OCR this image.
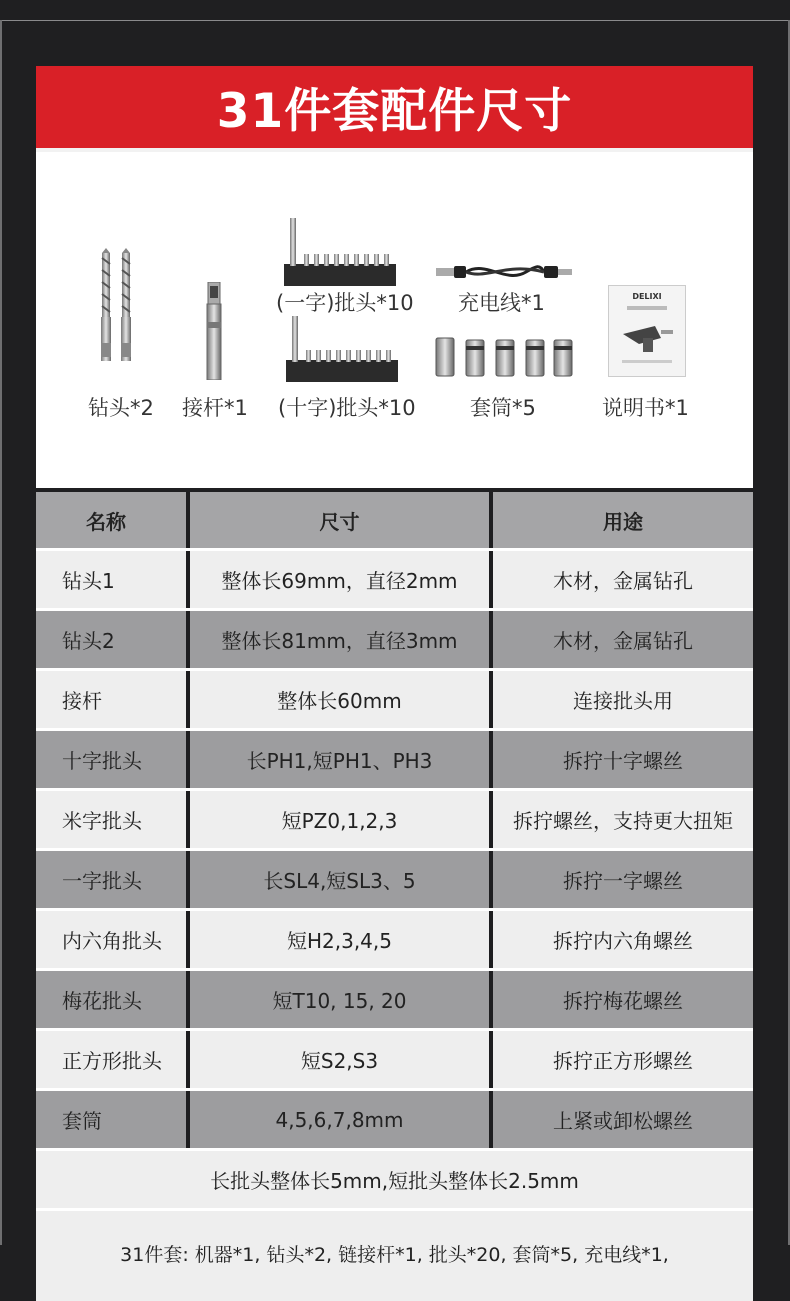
31件套配件尺寸
钻头*2 接杆*1
(一字)批头*10
(十字)批头*10
充电线*1
套筒*5
DELIXI
说明书*1
名称	尺寸	用途
钻头1	整体长69mm，直径2mm	木材，金属钻孔
钻头2	整体长81mm，直径3mm	木材，金属钻孔
接杆	整体长60mm	连接批头用
十字批头	长PH1,短PH1、PH3	拆拧十字螺丝
米字批头	短PZ0,1,2,3	拆拧螺丝，支持更大扭矩
一字批头	长SL4,短SL3、5	拆拧一字螺丝
内六角批头	短H2,3,4,5	拆拧内六角螺丝
梅花批头	短T10, 15, 20	拆拧梅花螺丝
正方形批头	短S2,S3	拆拧正方形螺丝
套筒	4,5,6,7,8mm	上紧或卸松螺丝
长批头整体长5mm,短批头整体长2.5mm
31件套: 机器*1, 钻头*2, 链接杆*1, 批头*20, 套筒*5, 充电线*1,
